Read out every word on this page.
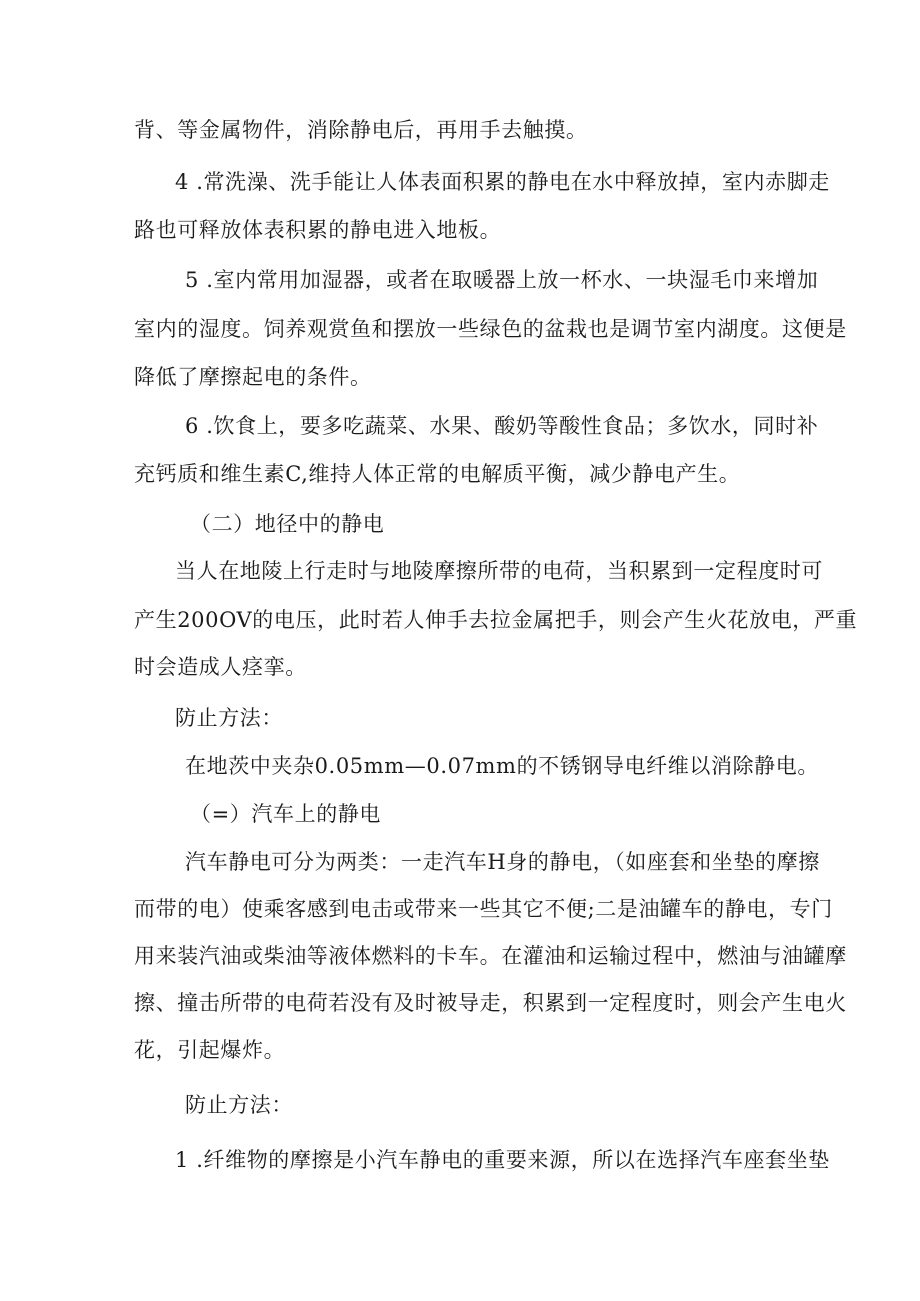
背、等金属物件，消除静电后，再用手去触摸。
4 .常洗澡、洗手能让人体表面积累的静电在水中释放掉，室内赤脚走
路也可释放体表积累的静电进入地板。
5 .室内常用加湿器，或者在取暖器上放一杯水、一块湿毛巾来增加
室内的湿度。饲养观赏鱼和摆放一些绿色的盆栽也是调节室内湖度。这便是
降低了摩擦起电的条件。
6 .饮食上，要多吃蔬菜、水果、酸奶等酸性食品；多饮水，同时补
充钙质和维生素C,维持人体正常的电解质平衡，减少静电产生。
（二）地径中的静电
当人在地陵上行走时与地陵摩擦所带的电荷，当积累到一定程度时可
产生200OV的电压，此时若人伸手去拉金属把手，则会产生火花放电，严重
时会造成人痉挛。
防止方法：
在地茨中夹杂0.05mm—0.07mm的不锈钢导电纤维以消除静电。
（=）汽车上的静电
汽车静电可分为两类：一走汽车H身的静电，（如座套和坐垫的摩擦
而带的电）使乘客感到电击或带来一些其它不便;二是油罐车的静电，专门
用来装汽油或柴油等液体燃料的卡车。在灌油和运输过程中，燃油与油罐摩
擦、撞击所带的电荷若没有及时被导走，积累到一定程度时，则会产生电火
花，引起爆炸。
防止方法：
1 .纤维物的摩擦是小汽车静电的重要来源，所以在选择汽车座套坐垫
